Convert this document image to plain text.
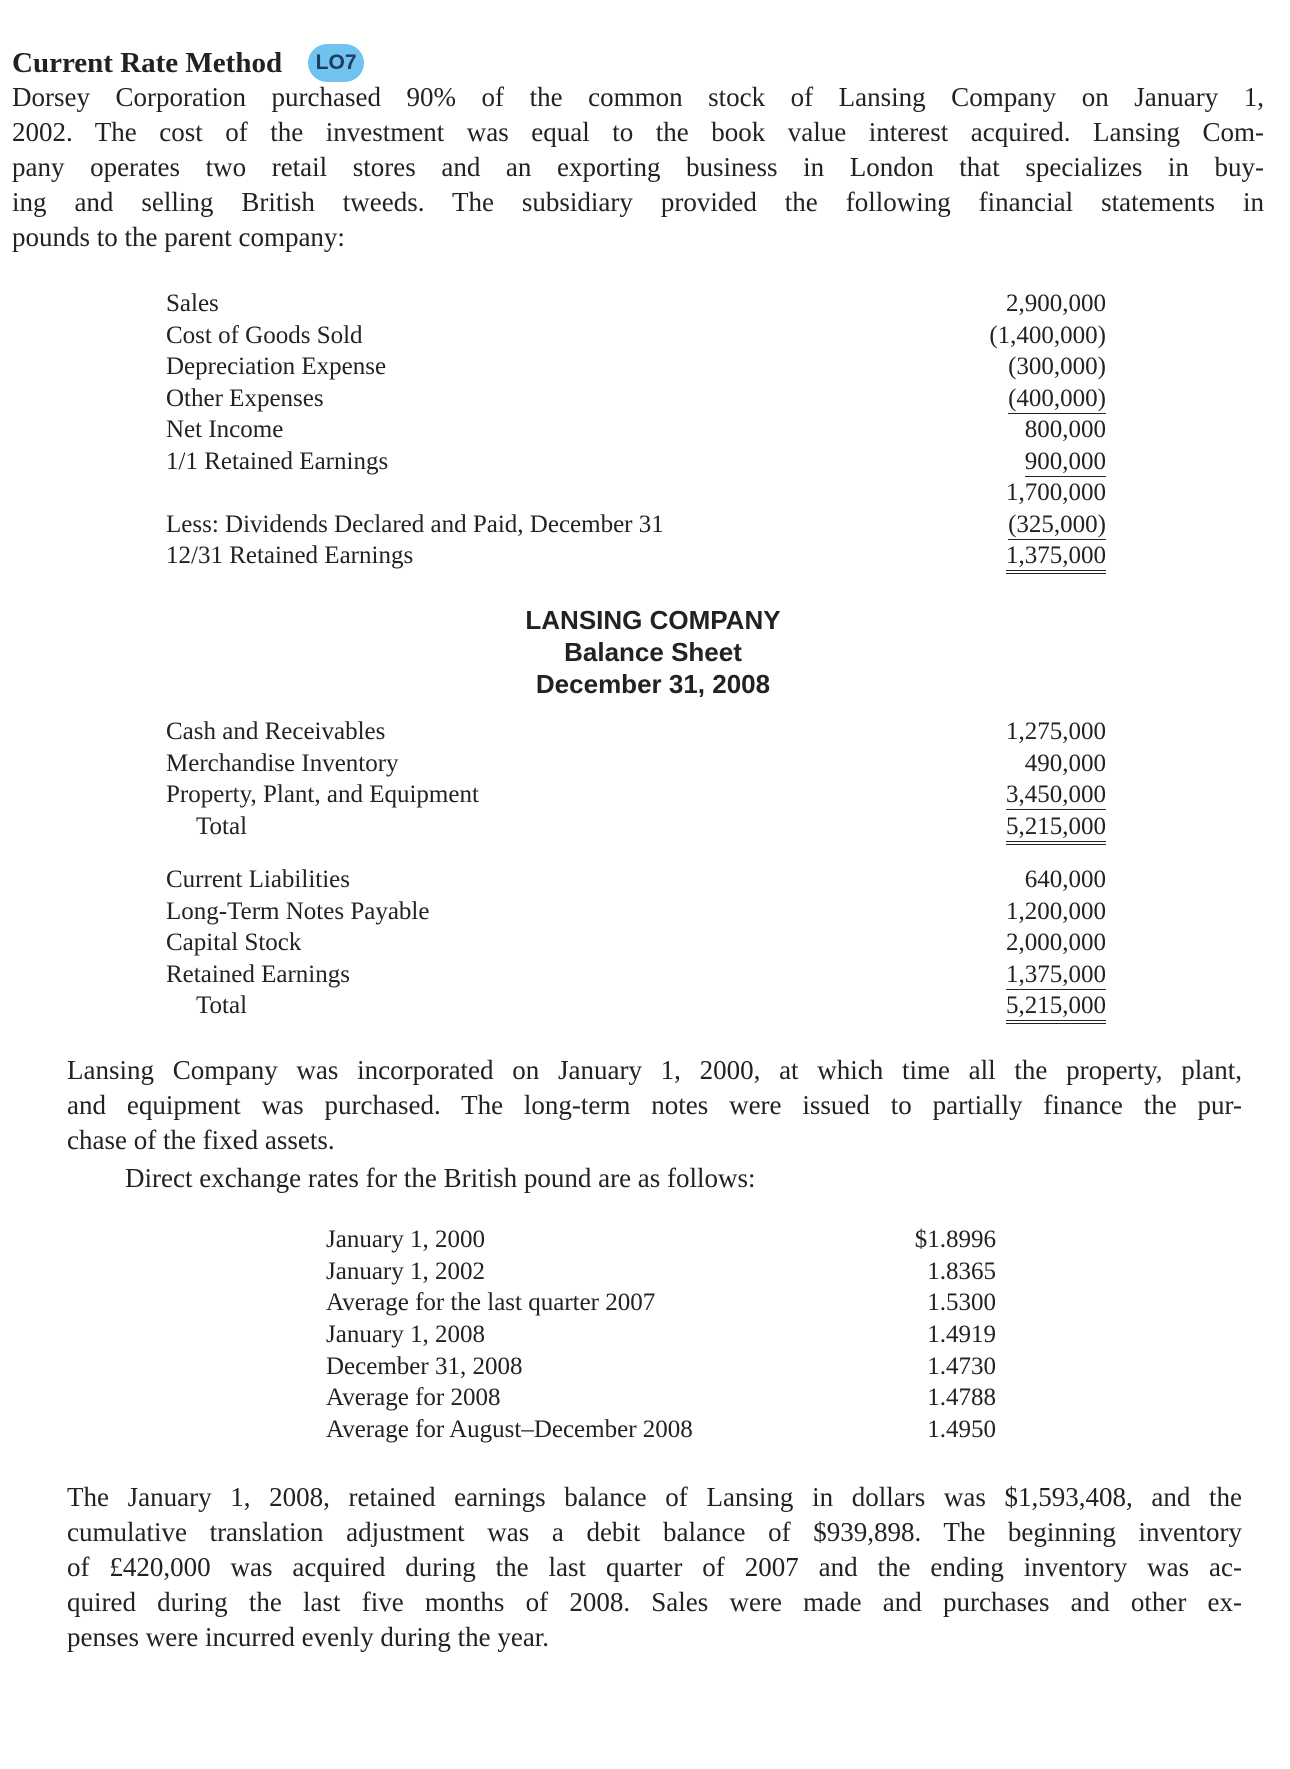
Current Rate Method	LO7
Dorsey Corporation purchased 90% of the common stock of Lansing Company on January 1,
2002. The cost of the investment was equal to the book value interest acquired. Lansing Com-
pany operates two retail stores and an exporting business in London that specializes in buy-
ing and selling British tweeds. The subsidiary provided the following financial statements in
pounds to the parent company:
Sales	2,900,000
Cost of Goods Sold	(1,400,000)
Depreciation Expense	(300,000)
Other Expenses	(400,000)
Net Income	800,000
1/1 Retained Earnings	900,000
1,700,000
Less: Dividends Declared and Paid, December 31	(325,000)
12/31 Retained Earnings	1,375,000
LANSING COMPANY
Balance Sheet
December 31, 2008
Cash and Receivables	1,275,000
Merchandise Inventory	490,000
Property, Plant, and Equipment	3,450,000
Total	5,215,000
Current Liabilities	640,000
Long-Term Notes Payable	1,200,000
Capital Stock	2,000,000
Retained Earnings	1,375,000
Total	5,215,000
Lansing Company was incorporated on January 1, 2000, at which time all the property, plant,
and equipment was purchased. The long-term notes were issued to partially finance the pur-
chase of the fixed assets.
Direct exchange rates for the British pound are as follows:
January 1, 2000	$1.8996
January 1, 2002	1.8365
Average for the last quarter 2007	1.5300
January 1, 2008	1.4919
December 31, 2008	1.4730
Average for 2008	1.4788
Average for August–December 2008	1.4950
The January 1, 2008, retained earnings balance of Lansing in dollars was $1,593,408, and the
cumulative translation adjustment was a debit balance of $939,898. The beginning inventory
of £420,000 was acquired during the last quarter of 2007 and the ending inventory was ac-
quired during the last five months of 2008. Sales were made and purchases and other ex-
penses were incurred evenly during the year.
